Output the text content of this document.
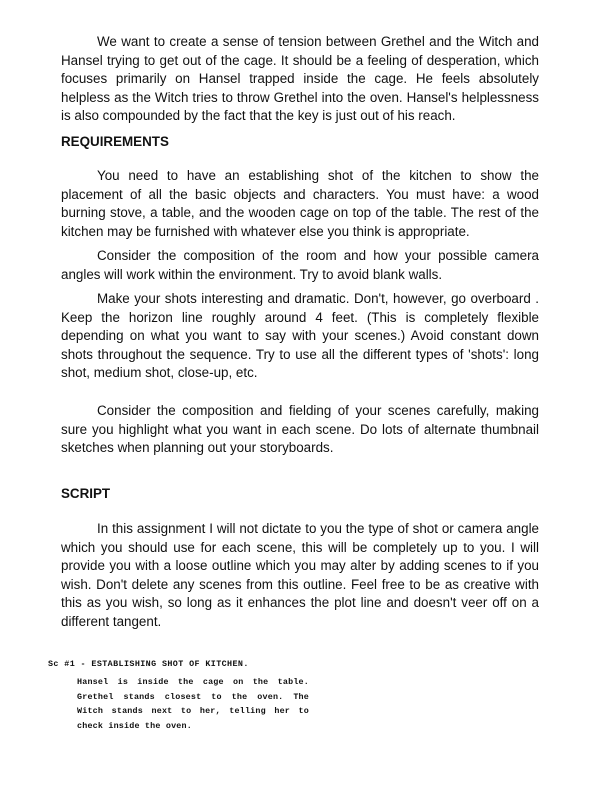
We want to create a sense of tension between Grethel and the Witch and Hansel trying to get out of the cage. It should be a feeling of desperation, which focuses primarily on Hansel trapped inside the cage. He feels absolutely helpless as the Witch tries to throw Grethel into the oven. Hansel's helplessness is also compounded by the fact that the key is just out of his reach.

REQUIREMENTS

You need to have an establishing shot of the kitchen to show the placement of all the basic objects and characters. You must have: a wood burning stove, a table, and the wooden cage on top of the table. The rest of the kitchen may be furnished with whatever else you think is appropriate.

Consider the composition of the room and how your possible camera angles will work within the environment. Try to avoid blank walls.

Make your shots interesting and dramatic. Don't, however, go overboard . Keep the horizon line roughly around 4 feet. (This is completely flexible depending on what you want to say with your scenes.) Avoid constant down shots throughout the sequence. Try to use all the different types of 'shots': long shot, medium shot, close-up, etc.

Consider the composition and fielding of your scenes carefully, making sure you highlight what you want in each scene. Do lots of alternate thumbnail sketches when planning out your storyboards.

SCRIPT

In this assignment I will not dictate to you the type of shot or camera angle which you should use for each scene, this will be completely up to you. I will provide you with a loose outline which you may alter by adding scenes to if you wish. Don't delete any scenes from this outline. Feel free to be as creative with this as you wish, so long as it enhances the plot line and doesn't veer off on a different tangent.

Sc #1 - ESTABLISHING SHOT OF KITCHEN.

Hansel is inside the cage on the table. Grethel stands closest to the oven. The Witch stands next to her, telling her to check inside the oven.
